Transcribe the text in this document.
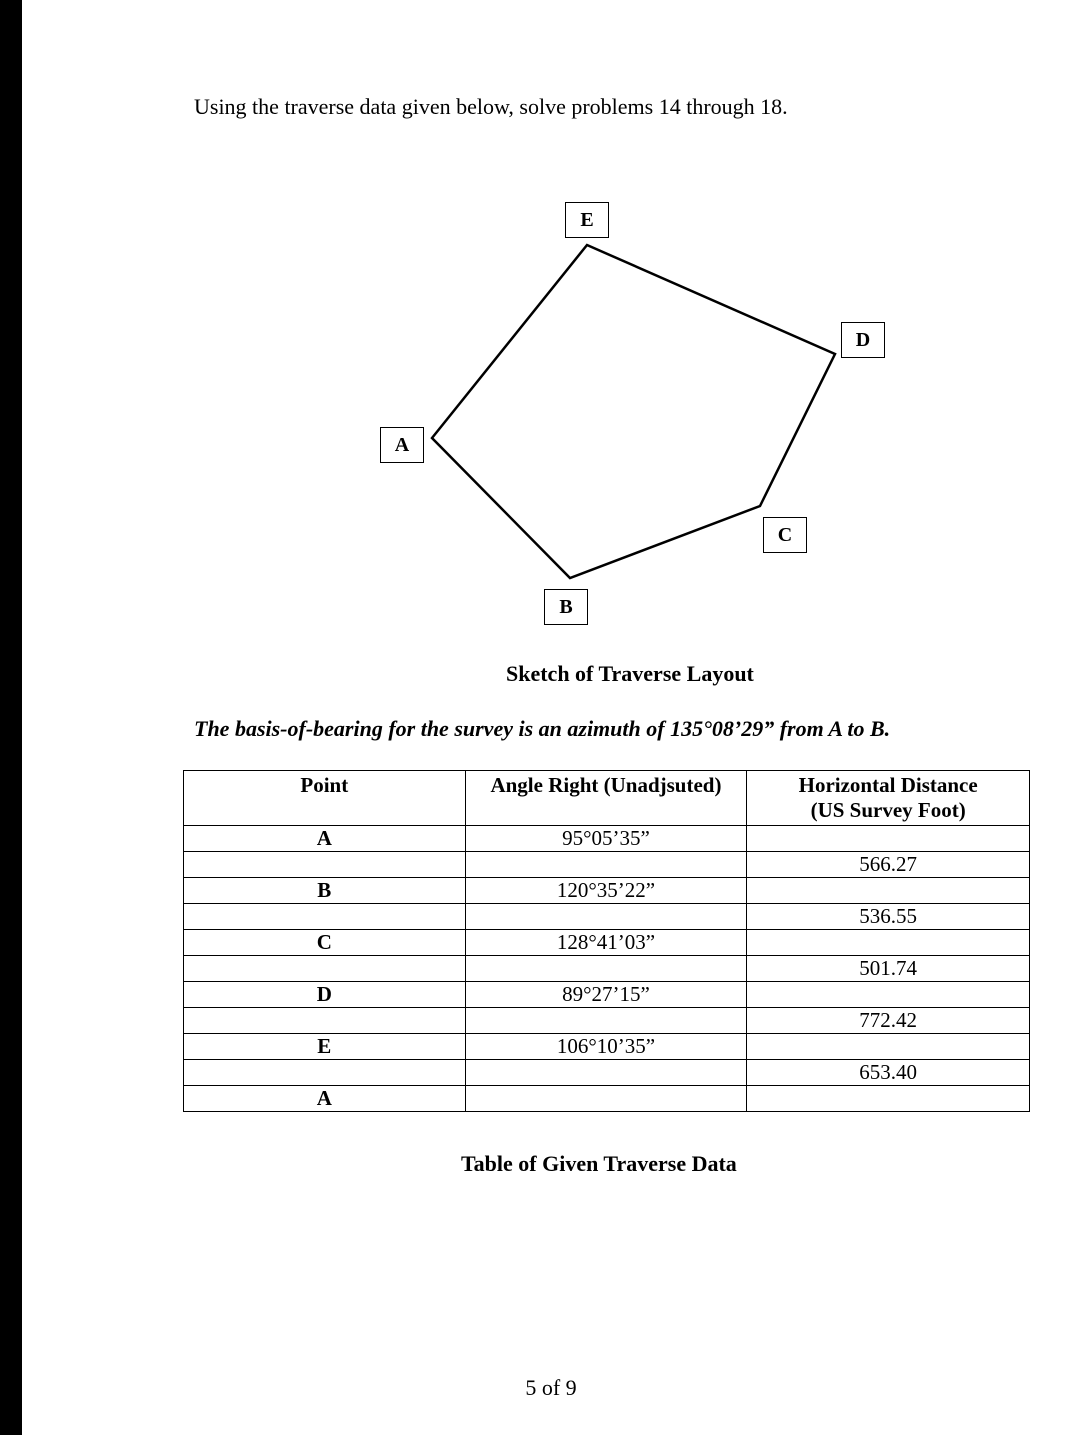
Using the traverse data given below, solve problems 14 through 18.

E
D
A
C
B

Sketch of Traverse Layout

The basis-of-bearing for the survey is an azimuth of 135°08’29” from A to B.

Point	Angle Right (Unadjsuted)	Horizontal Distance
(US Survey Foot)
A	95°05’35”	
		566.27
B	120°35’22”	
		536.55
C	128°41’03”	
		501.74
D	89°27’15”	
		772.42
E	106°10’35”	
		653.40
A		

Table of Given Traverse Data

5 of 9
